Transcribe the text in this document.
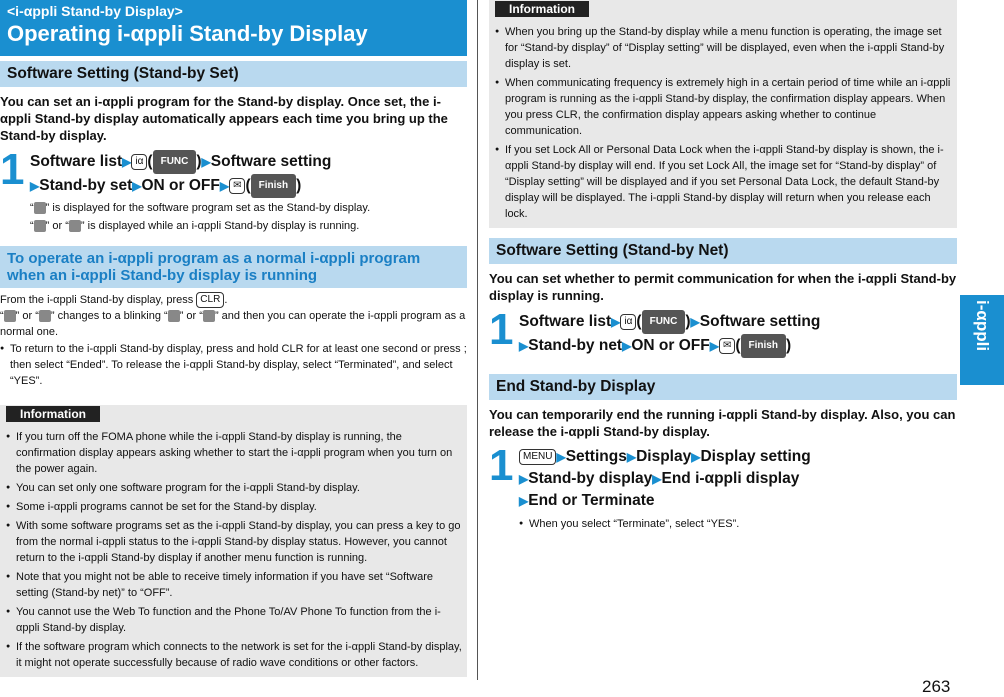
<i-αppli Stand-by Display>
Operating i-αppli Stand-by Display
Software Setting (Stand-by Set)
You can set an i-αppli program for the Stand-by display. Once set, the i-αppli Stand-by display automatically appears each time you bring up the Stand-by display.
1 Software list▶ iα ( FUNC )▶Software setting
▶Stand-by set▶ON or OFF▶ ✉ ( Finish )
“ ” is displayed for the software program set as the Stand-by display.
“ ” or “ ” is displayed while an i-αppli Stand-by display is running.
To operate an i-αppli program as a normal i-αppli program when an i-αppli Stand-by display is running
From the i-αppli Stand-by display, press CLR .
“ ” or “ ” changes to a blinking “ ” or “ ” and then you can operate the i-αppli program as a normal one.
● To return to the i-αppli Stand-by display, press and hold CLR for at least one second or press ; then select “Ended”. To release the i-αppli Stand-by display, select “Terminated”, and select “YES”.
Information
● If you turn off the FOMA phone while the i-αppli Stand-by display is running, the confirmation display appears asking whether to start the i-αppli program when you turn on the power again.
● You can set only one software program for the i-αppli Stand-by display.
● Some i-αppli programs cannot be set for the Stand-by display.
● With some software programs set as the i-αppli Stand-by display, you can press a key to go from the normal i-αppli status to the i-αppli Stand-by display status. However, you cannot return to the i-αppli Stand-by display if another menu function is running.
● Note that you might not be able to receive timely information if you have set “Software setting (Stand-by net)” to “OFF”.
● You cannot use the Web To function and the Phone To/AV Phone To function from the i-αppli Stand-by display.
● If the software program which connects to the network is set for the i-αppli Stand-by display, it might not operate successfully because of radio wave conditions or other factors.
Information
● When you bring up the Stand-by display while a menu function is operating, the image set for “Stand-by display” of “Display setting” will be displayed, even when the i-αppli Stand-by display is set.
● When communicating frequency is extremely high in a certain period of time while an i-αppli program is running as the i-αppli Stand-by display, the confirmation display appears. When you press CLR, the confirmation display appears asking whether to continue communication.
● If you set Lock All or Personal Data Lock when the i-αppli Stand-by display is shown, the i-αppli Stand-by display will end. If you set Lock All, the image set for “Stand-by display” of “Display setting” will be displayed and if you set Personal Data Lock, the default Stand-by display will be displayed. The i-αppli Stand-by display will return when you release each lock.
Software Setting (Stand-by Net)
You can set whether to permit communication for when the i-αppli Stand-by display is running.
1 Software list▶ iα ( FUNC )▶Software setting
▶Stand-by net▶ON or OFF▶ ✉ ( Finish )
End Stand-by Display
You can temporarily end the running i-αppli Stand-by display. Also, you can release the i-αppli Stand-by display.
1 MENU ▶Settings▶Display▶Display setting
▶Stand-by display▶End i-αppli display
▶End or Terminate
● When you select “Terminate”, select “YES”.
i-αppli
263
